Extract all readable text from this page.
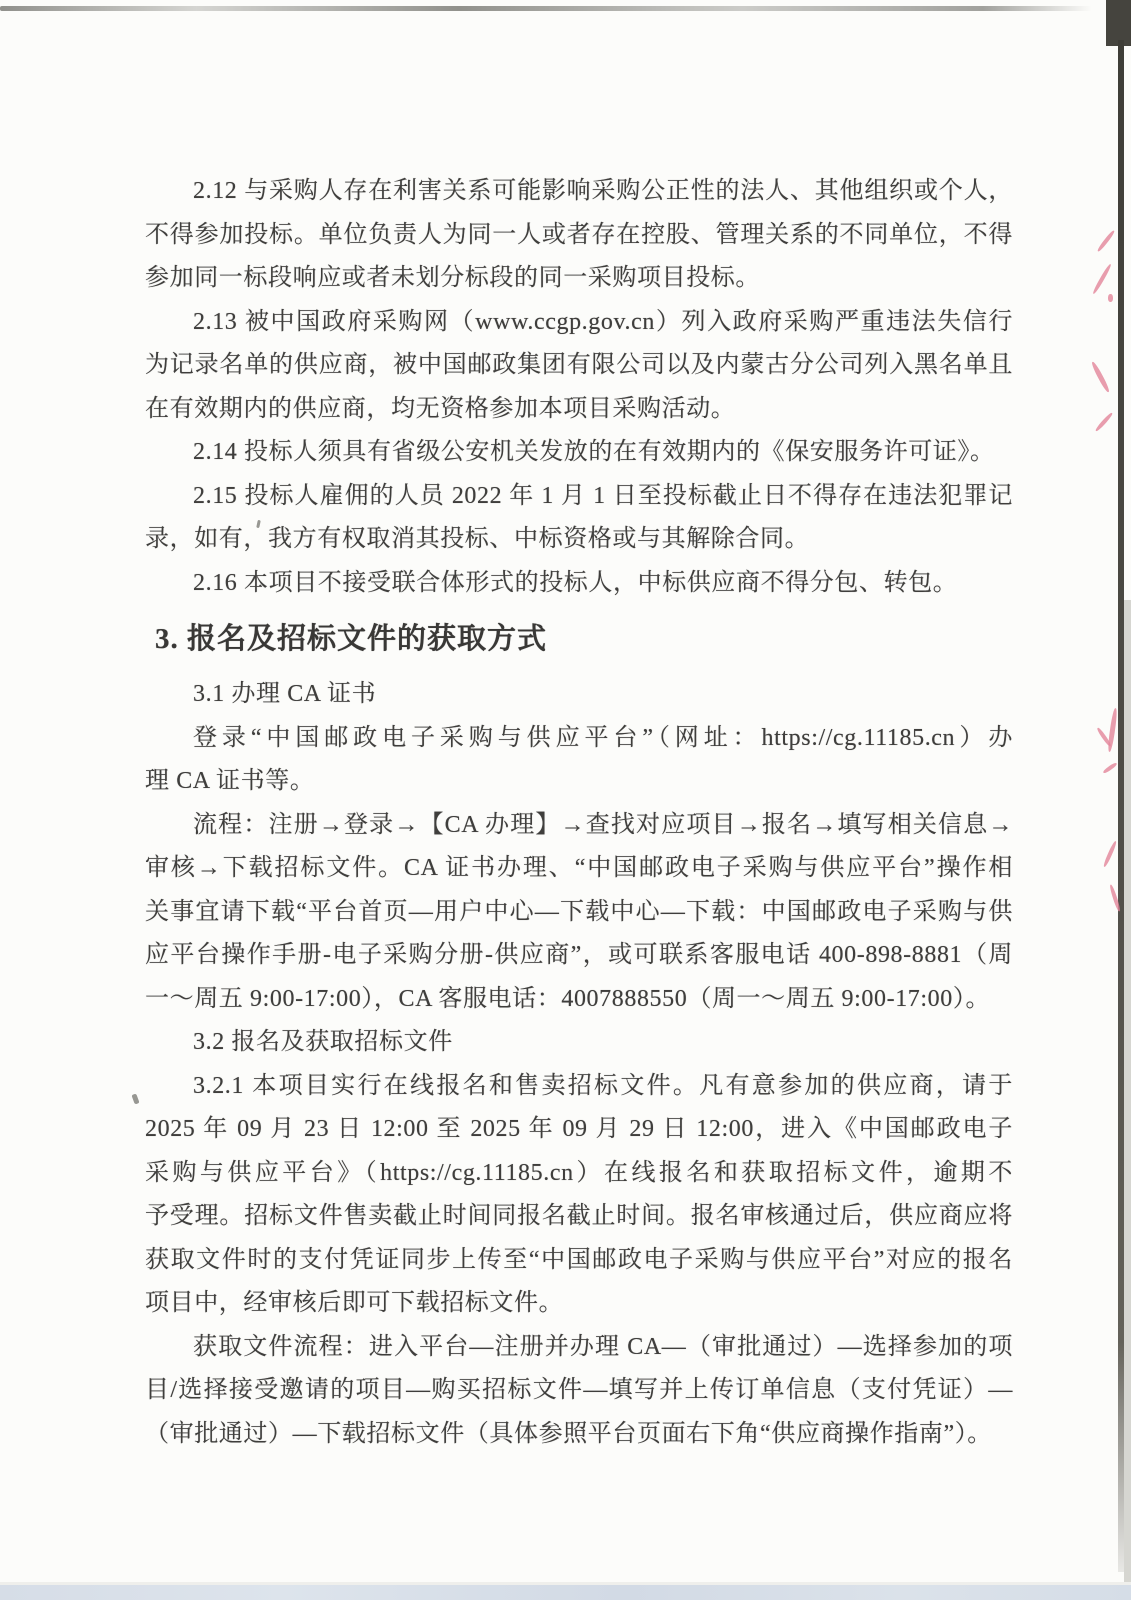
2.12 与采购人存在利害关系可能影响采购公正性的法人、其他组织或个人，
不得参加投标。单位负责人为同一人或者存在控股、管理关系的不同单位，不得
参加同一标段响应或者未划分标段的同一采购项目投标。
2.13 被中国政府采购网（www.ccgp.gov.cn）列入政府采购严重违法失信行
为记录名单的供应商，被中国邮政集团有限公司以及内蒙古分公司列入黑名单且
在有效期内的供应商，均无资格参加本项目采购活动。
2.14 投标人须具有省级公安机关发放的在有效期内的《保安服务许可证》。
2.15 投标人雇佣的人员 2022 年 1 月 1 日至投标截止日不得存在违法犯罪记
录，如有，我方有权取消其投标、中标资格或与其解除合同。
2.16 本项目不接受联合体形式的投标人，中标供应商不得分包、转包。
3. 报名及招标文件的获取方式
3.1 办理 CA 证书
登录“中国邮政电子采购与供应平台”（网址：https://cg.11185.cn）办
理 CA 证书等。
流程：注册→登录→【CA 办理】→查找对应项目→报名→填写相关信息→
审核→下载招标文件。CA 证书办理、“中国邮政电子采购与供应平台”操作相
关事宜请下载“平台首页—用户中心—下载中心—下载：中国邮政电子采购与供
应平台操作手册-电子采购分册-供应商”，或可联系客服电话 400-898-8881（周
一～周五 9:00-17:00），CA 客服电话：4007888550（周一～周五 9:00-17:00）。
3.2 报名及获取招标文件
3.2.1 本项目实行在线报名和售卖招标文件。凡有意参加的供应商，请于
2025 年 09 月 23 日 12:00 至 2025 年 09 月 29 日 12:00，进入《中国邮政电子
采购与供应平台》（https://cg.11185.cn）在线报名和获取招标文件，逾期不
予受理。招标文件售卖截止时间同报名截止时间。报名审核通过后，供应商应将
获取文件时的支付凭证同步上传至“中国邮政电子采购与供应平台”对应的报名
项目中，经审核后即可下载招标文件。
获取文件流程：进入平台—注册并办理 CA—（审批通过）—选择参加的项
目/选择接受邀请的项目—购买招标文件—填写并上传订单信息（支付凭证）—
（审批通过）—下载招标文件（具体参照平台页面右下角“供应商操作指南”）。
